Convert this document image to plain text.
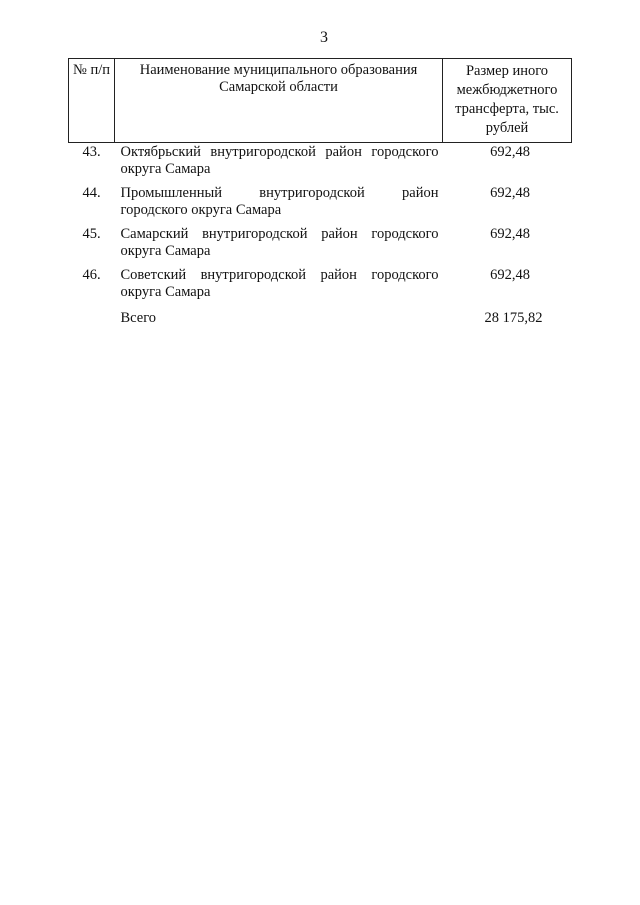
3
№ п/п	Наименование муниципального образования Самарской области	Размер иного межбюджетного трансферта, тыс. рублей
43.	Октябрьский внутригородской район городского округа Самара	692,48
44.	Промышленный внутригородской район городского округа Самара	692,48
45.	Самарский внутригородской район городского округа Самара	692,48
46.	Советский внутригородской район городского округа Самара	692,48
	Всего	28 175,82
